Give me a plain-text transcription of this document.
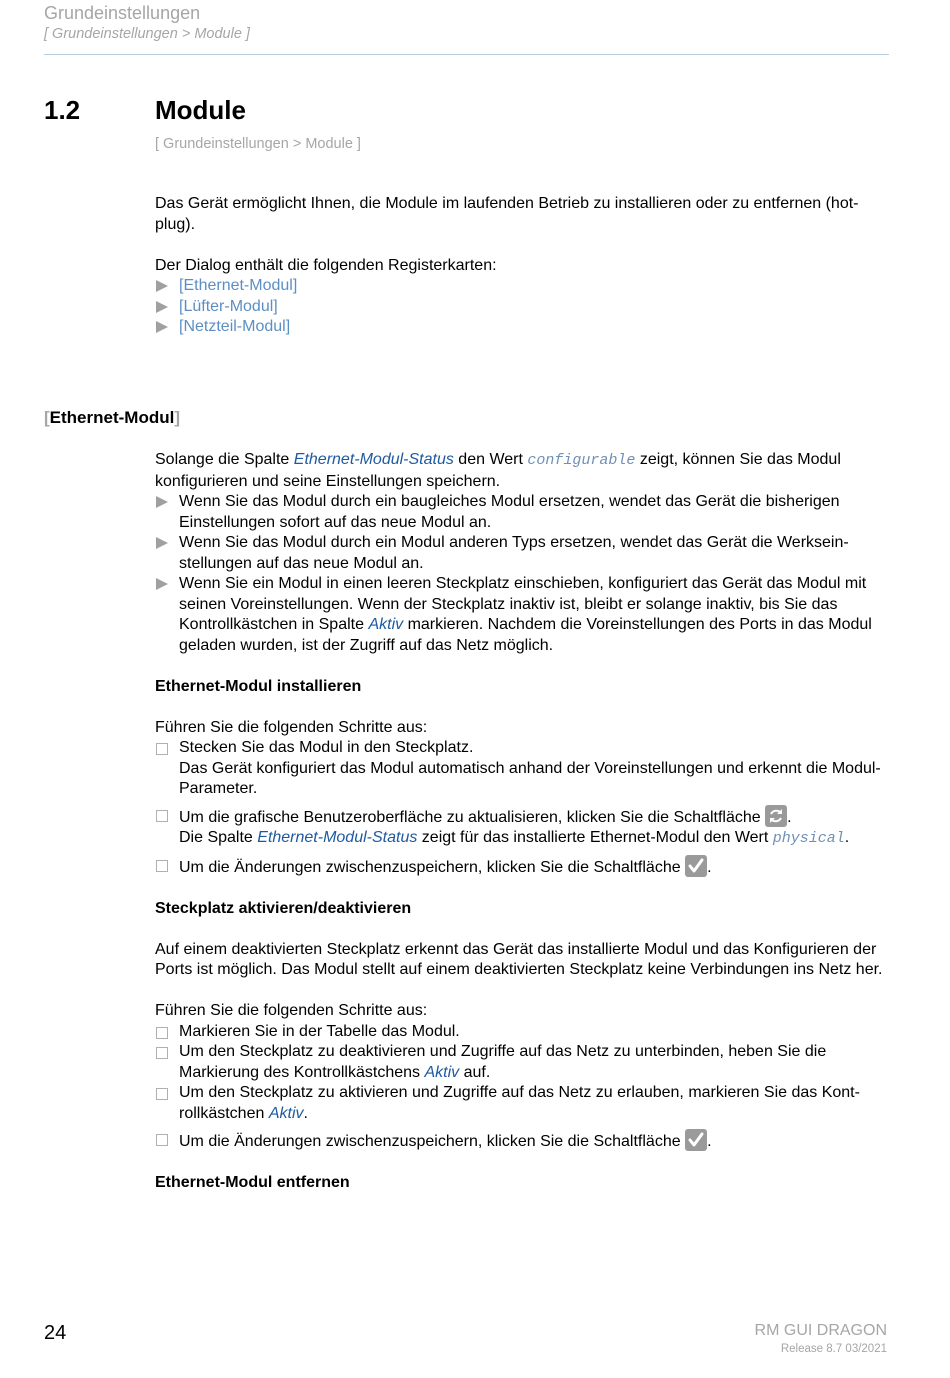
Grundeinstellungen
[ Grundeinstellungen > Module ]
1.2	Module
[ Grundeinstellungen > Module ]

Das Gerät ermöglicht Ihnen, die Module im laufenden Betrieb zu installieren oder zu entfernen (hot-plug).

Der Dialog enthält die folgenden Registerkarten:

[Ethernet-Modul]
[Lüfter-Modul]
[Netzteil-Modul]
[Ethernet-Modul]

Solange die Spalte Ethernet-Modul-Status den Wert configurable zeigt, können Sie das Modul konfigurieren und seine Einstellungen speichern.

Wenn Sie das Modul durch ein baugleiches Modul ersetzen, wendet das Gerät die bisherigen Einstellungen sofort auf das neue Modul an.
Wenn Sie das Modul durch ein Modul anderen Typs ersetzen, wendet das Gerät die Werksein-stellungen auf das neue Modul an.
Wenn Sie ein Modul in einen leeren Steckplatz einschieben, konfiguriert das Gerät das Modul mit seinen Voreinstellungen. Wenn der Steckplatz inaktiv ist, bleibt er solange inaktiv, bis Sie das Kontrollkästchen in Spalte Aktiv markieren. Nachdem die Voreinstellungen des Ports in das Modul geladen wurden, ist der Zugriff auf das Netz möglich.

Ethernet-Modul installieren

Führen Sie die folgenden Schritte aus:

Stecken Sie das Modul in den Steckplatz.
Das Gerät konfiguriert das Modul automatisch anhand der Voreinstellungen und erkennt die Modul-Parameter.
Um die grafische Benutzeroberfläche zu aktualisieren, klicken Sie die Schaltfläche
.
Die Spalte Ethernet-Modul-Status zeigt für das installierte Ethernet-Modul den Wert physical.
Um die Änderungen zwischenzuspeichern, klicken Sie die Schaltfläche
.

Steckplatz aktivieren/deaktivieren

Auf einem deaktivierten Steckplatz erkennt das Gerät das installierte Modul und das Konfigurieren der Ports ist möglich. Das Modul stellt auf einem deaktivierten Steckplatz keine Verbindungen ins Netz her.

Führen Sie die folgenden Schritte aus:

Markieren Sie in der Tabelle das Modul.
Um den Steckplatz zu deaktivieren und Zugriffe auf das Netz zu unterbinden, heben Sie die Markierung des Kontrollkästchens Aktiv auf.
Um den Steckplatz zu aktivieren und Zugriffe auf das Netz zu erlauben, markieren Sie das Kont-rollkästchen Aktiv.
Um die Änderungen zwischenzuspeichern, klicken Sie die Schaltfläche
.

Ethernet-Modul entfernen

24	RM GUI DRAGON
Release 8.7 03/2021
